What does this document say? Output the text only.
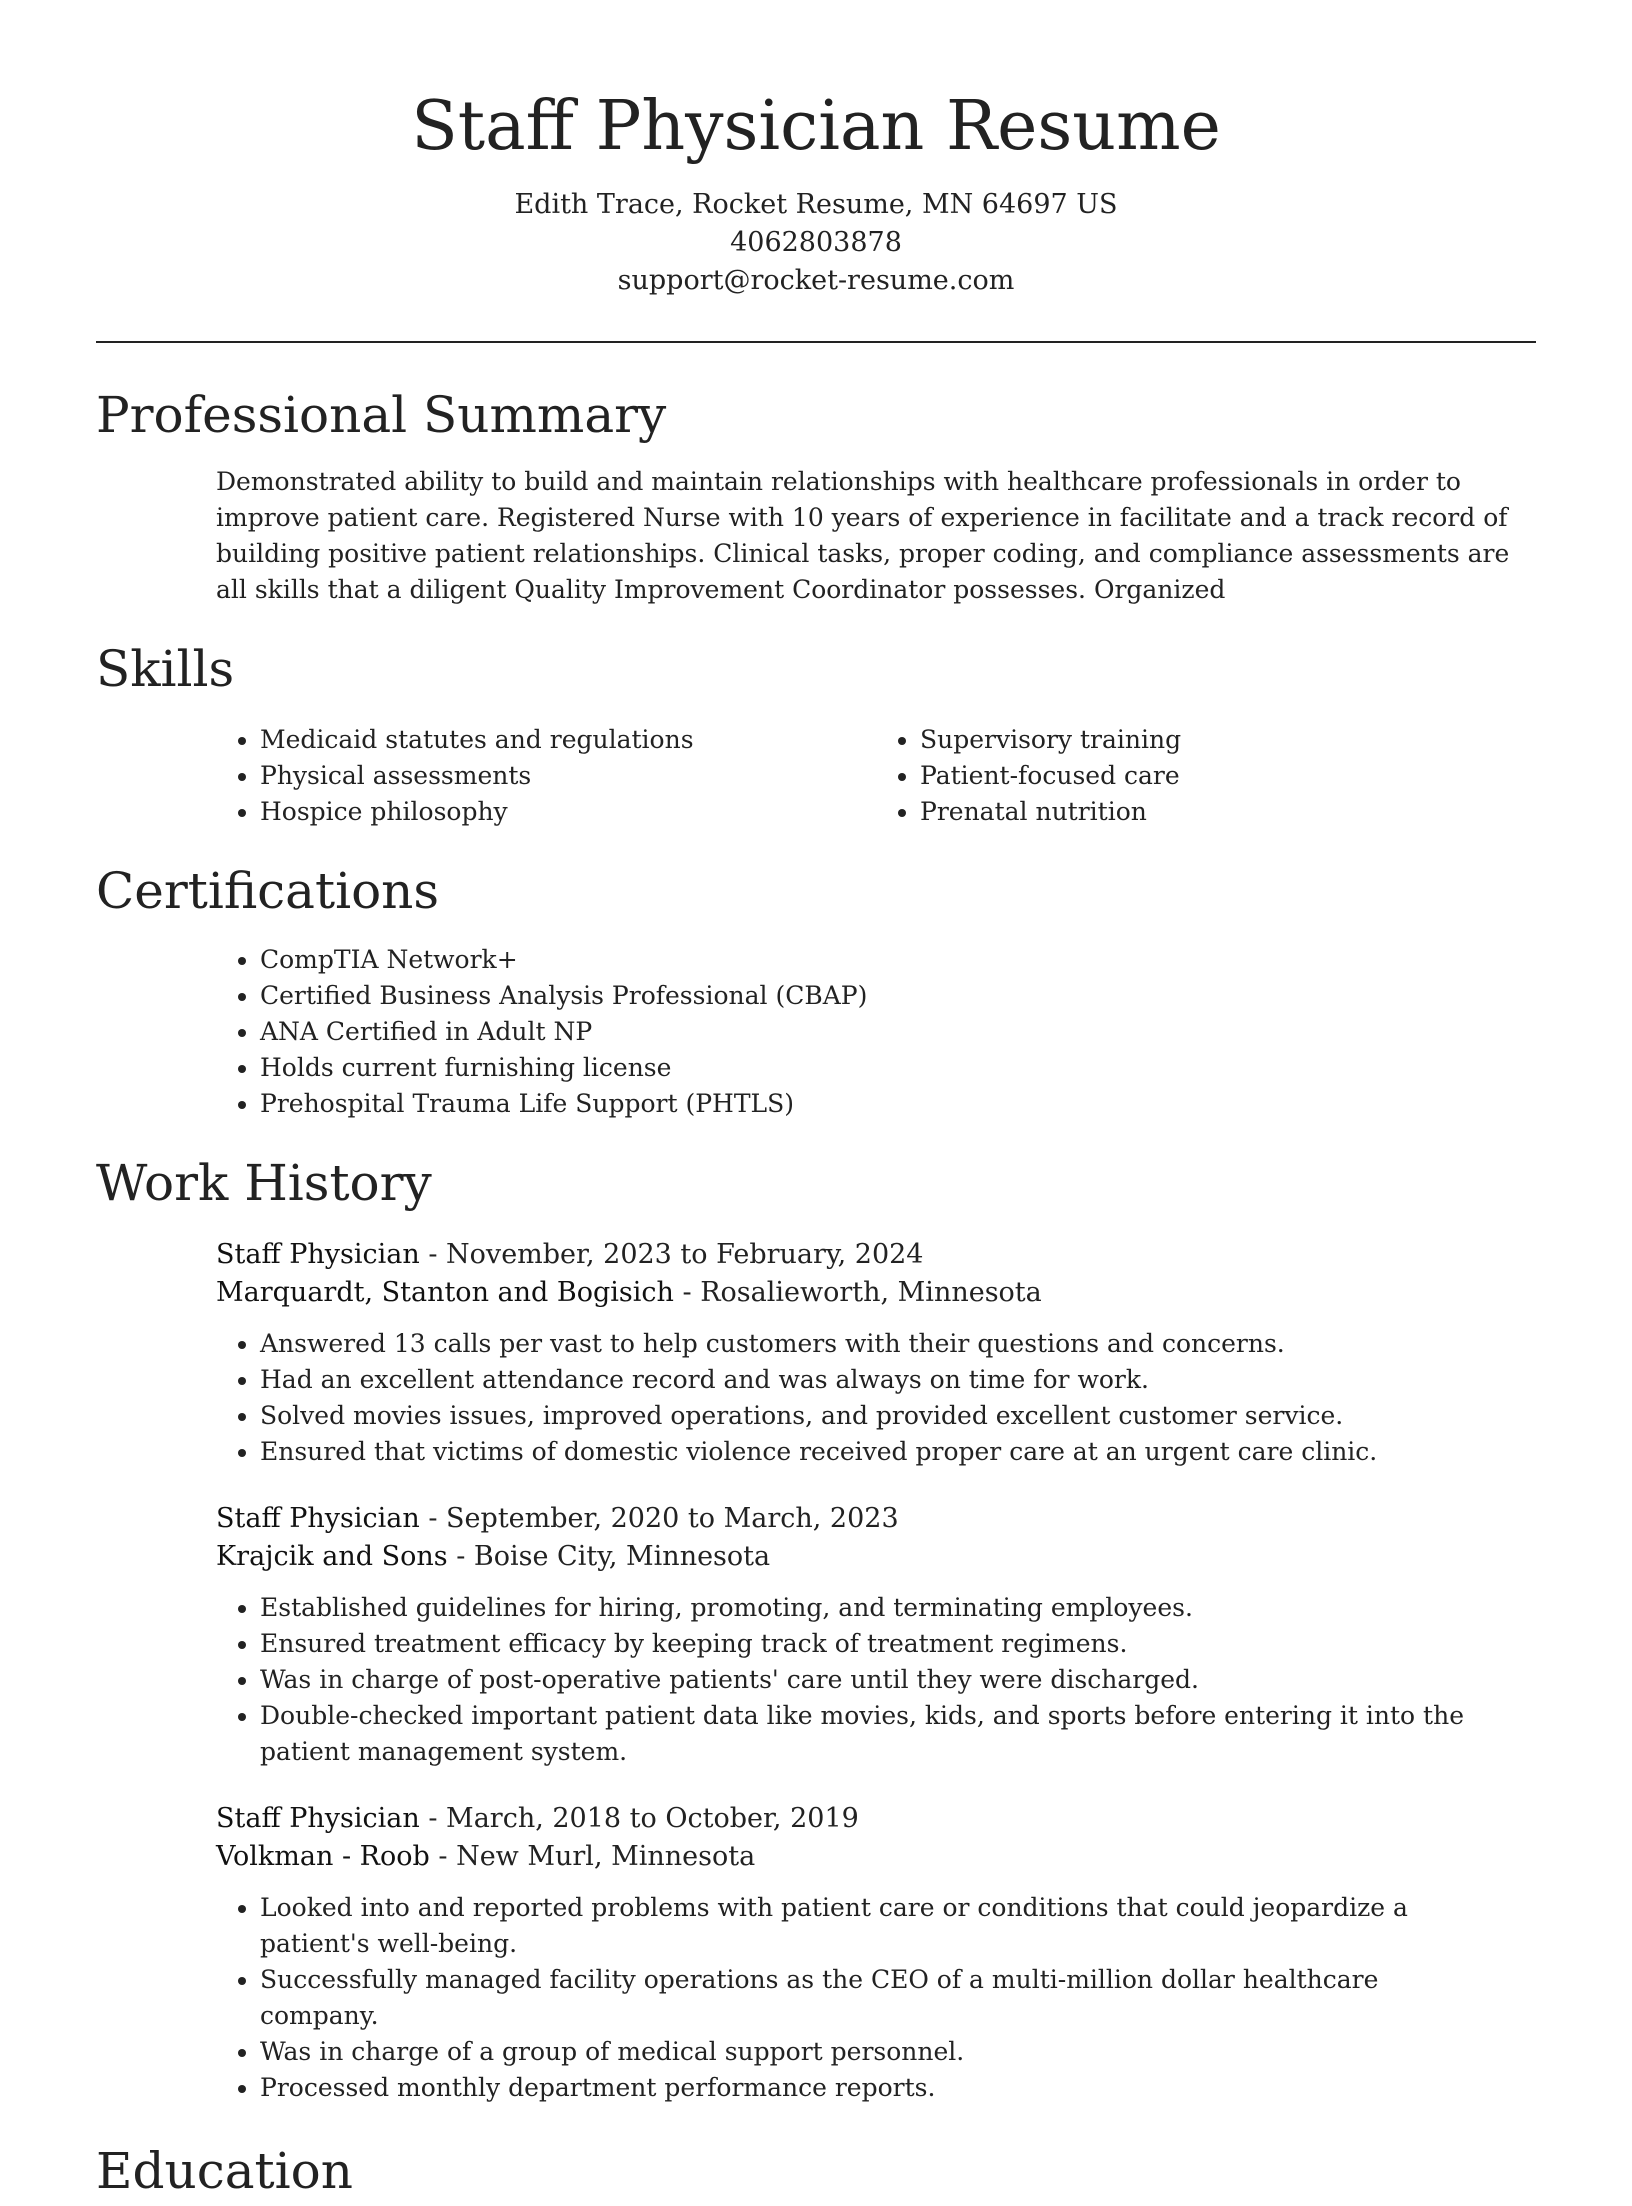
Staff Physician Resume
Edith Trace, Rocket Resume, MN 64697 US
4062803878
support@rocket-resume.com
Professional Summary

Demonstrated ability to build and maintain relationships with healthcare professionals in order to improve patient care. Registered Nurse with 10 years of experience in facilitate and a track record of building positive patient relationships. Clinical tasks, proper coding, and compliance assessments are all skills that a diligent Quality Improvement Coordinator possesses. Organized

Skills
• Medicaid statutes and regulations
• Physical assessments
• Hospice philosophy
• Supervisory training
• Patient-focused care
• Prenatal nutrition
Certifications
• CompTIA Network+
• Certified Business Analysis Professional (CBAP)
• ANA Certified in Adult NP
• Holds current furnishing license
• Prehospital Trauma Life Support (PHTLS)
Work History
Staff Physician - November, 2023 to February, 2024
Marquardt, Stanton and Bogisich - Rosalieworth, Minnesota
• Answered 13 calls per vast to help customers with their questions and concerns.
• Had an excellent attendance record and was always on time for work.
• Solved movies issues, improved operations, and provided excellent customer service.
• Ensured that victims of domestic violence received proper care at an urgent care clinic.
Staff Physician - September, 2020 to March, 2023
Krajcik and Sons - Boise City, Minnesota
• Established guidelines for hiring, promoting, and terminating employees.
• Ensured treatment efficacy by keeping track of treatment regimens.
• Was in charge of post-operative patients' care until they were discharged.
• Double-checked important patient data like movies, kids, and sports before entering it into the patient management system.
Staff Physician - March, 2018 to October, 2019
Volkman - Roob - New Murl, Minnesota
• Looked into and reported problems with patient care or conditions that could jeopardize a patient's well-being.
• Successfully managed facility operations as the CEO of a multi-million dollar healthcare company.
• Was in charge of a group of medical support personnel.
• Processed monthly department performance reports.
Education
